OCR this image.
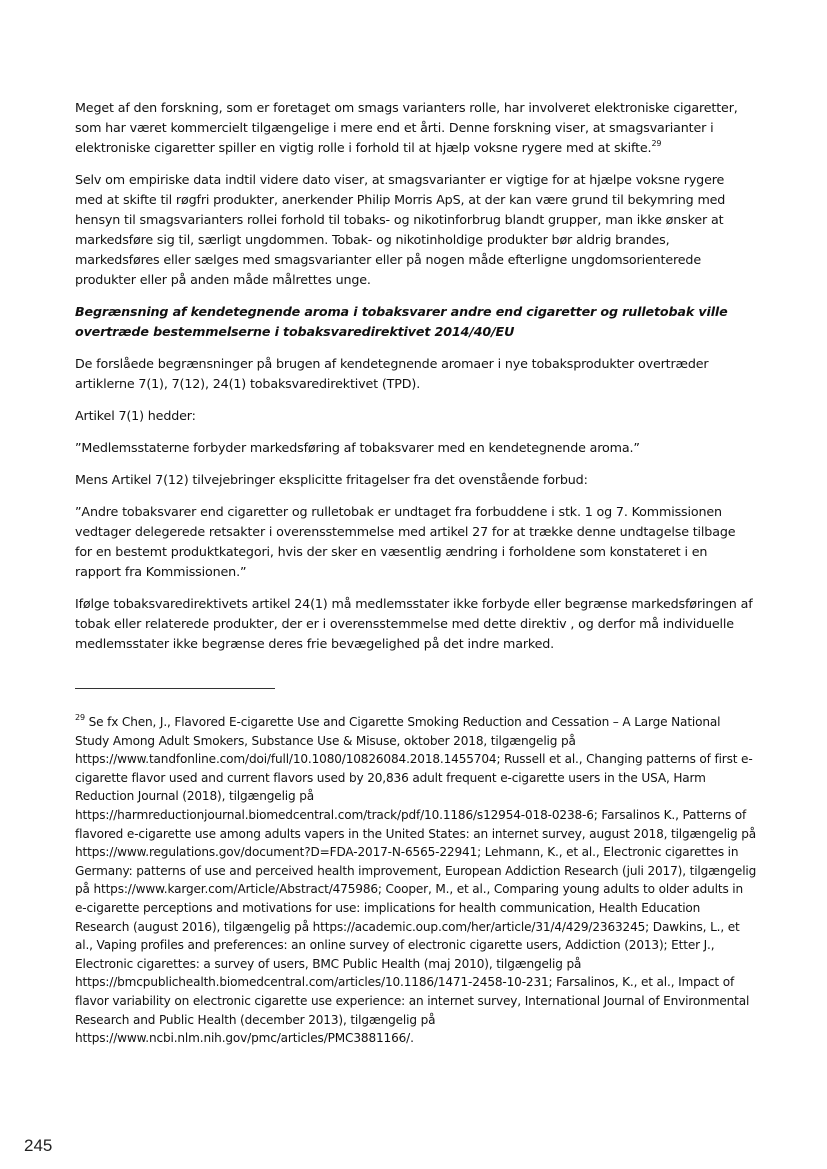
Meget af den forskning, som er foretaget om smags varianters rolle, har involveret elektroniske cigaretter, som har været kommercielt tilgængelige i mere end et årti. Denne forskning viser, at smagsvarianter i elektroniske cigaretter spiller en vigtig rolle i forhold til at hjælp voksne rygere med at skifte.$^{29}$

Selv om empiriske data indtil videre dato viser, at smagsvarianter er vigtige for at hjælpe voksne rygere med at skifte til røgfri produkter, anerkender Philip Morris ApS, at der kan være grund til bekymring med hensyn til smagsvarianters rollei forhold til tobaks- og nikotinforbrug blandt grupper, man ikke ønsker at markedsføre sig til, særligt ungdommen. Tobak- og nikotinholdige produkter bør aldrig brandes, markedsføres eller sælges med smagsvarianter eller på nogen måde efterligne ungdomsorienterede produkter eller på anden måde målrettes unge.

Begrænsning af kendetegnende aroma i tobaksvarer andre end cigaretter og rulletobak ville overtræde bestemmelserne i tobaksvaredirektivet 2014/40/EU

De forslåede begrænsninger på brugen af kendetegnende aromaer i nye tobaksprodukter overtræder artiklerne 7(1), 7(12), 24(1) tobaksvaredirektivet (TPD).

Artikel 7(1) hedder:

”Medlemsstaterne forbyder markedsføring af tobaksvarer med en kendetegnende aroma.”

Mens Artikel 7(12) tilvejebringer eksplicitte fritagelser fra det ovenstående forbud:

”Andre tobaksvarer end cigaretter og rulletobak er undtaget fra forbuddene i stk. 1 og 7. Kommissionen vedtager delegerede retsakter i overensstemmelse med artikel 27 for at trække denne undtagelse tilbage for en bestemt produktkategori, hvis der sker en væsentlig ændring i forholdene som konstateret i en rapport fra Kommissionen.”

Ifølge tobaksvaredirektivets artikel 24(1) må medlemsstater ikke forbyde eller begrænse markedsføringen af tobak eller relaterede produkter, der er i overensstemmelse med dette direktiv , og derfor må individuelle medlemsstater ikke begrænse deres frie bevægelighed på det indre marked.

$^{29}$ Se fx Chen, J., Flavored E-cigarette Use and Cigarette Smoking Reduction and Cessation – A Large National Study Among Adult Smokers, Substance Use & Misuse, oktober 2018, tilgængelig på https://www.tandfonline.com/doi/full/10.1080/10826084.2018.1455704; Russell et al., Changing patterns of first e-cigarette flavor used and current flavors used by 20,836 adult frequent e-cigarette users in the USA, Harm Reduction Journal (2018), tilgængelig på https://harmreductionjournal.biomedcentral.com/track/pdf/10.1186/s12954-018-0238-6; Farsalinos K., Patterns of flavored e-cigarette use among adults vapers in the United States: an internet survey, august 2018, tilgængelig på https://www.regulations.gov/document?D=FDA-2017-N-6565-22941; Lehmann, K., et al., Electronic cigarettes in Germany: patterns of use and perceived health improvement, European Addiction Research (juli 2017), tilgængelig på https://www.karger.com/Article/Abstract/475986; Cooper, M., et al., Comparing young adults to older adults in e-cigarette perceptions and motivations for use: implications for health communication, Health Education Research (august 2016), tilgængelig på https://academic.oup.com/her/article/31/4/429/2363245; Dawkins, L., et al., Vaping profiles and preferences: an online survey of electronic cigarette users, Addiction (2013); Etter J., Electronic cigarettes: a survey of users, BMC Public Health (maj 2010), tilgængelig på https://bmcpublichealth.biomedcentral.com/articles/10.1186/1471-2458-10-231; Farsalinos, K., et al., Impact of flavor variability on electronic cigarette use experience: an internet survey, International Journal of Environmental Research and Public Health (december 2013), tilgængelig på https://www.ncbi.nlm.nih.gov/pmc/articles/PMC3881166/.

245
